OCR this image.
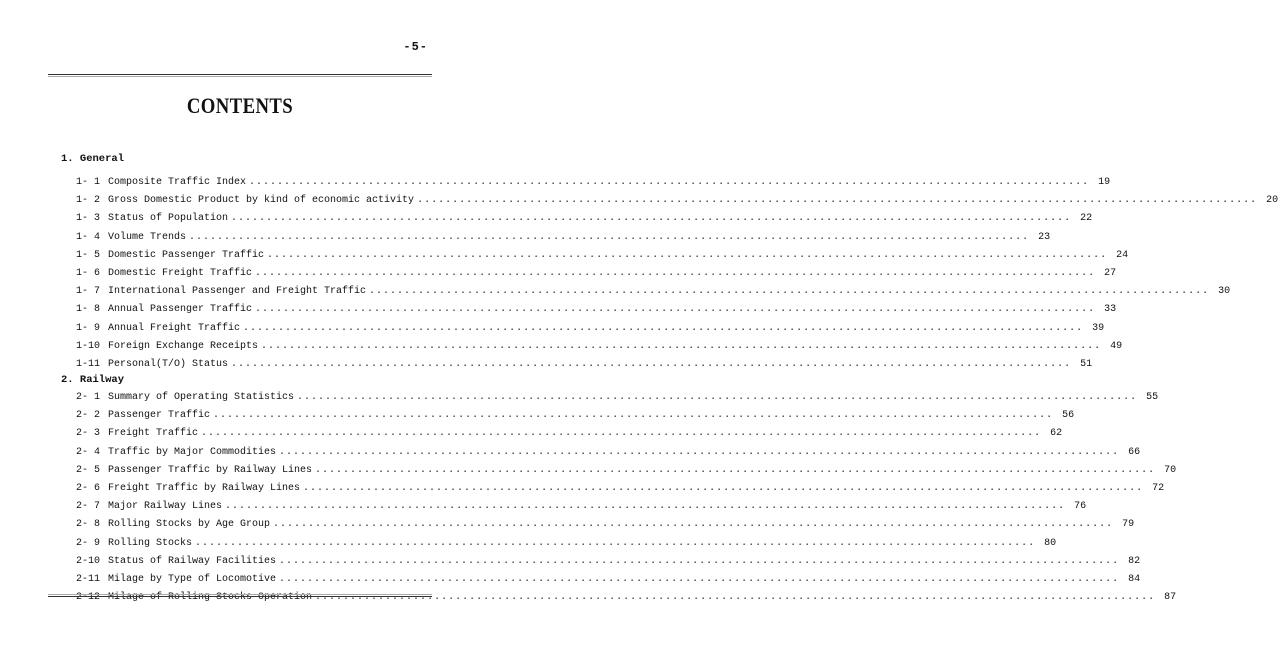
-5-
CONTENTS
1. General
1- 1 Composite Traffic Index ........................................................................................................................ 19
1- 2 Gross Domestic Product by kind of economic activity ........................................................................................................................ 20
1- 3 Status of Population ........................................................................................................................ 22
1- 4 Volume Trends ........................................................................................................................ 23
1- 5 Domestic Passenger Traffic ........................................................................................................................ 24
1- 6 Domestic Freight Traffic ........................................................................................................................ 27
1- 7 International Passenger and Freight Traffic ........................................................................................................................ 30
1- 8 Annual Passenger Traffic ........................................................................................................................ 33
1- 9 Annual Freight Traffic ........................................................................................................................ 39
1-10 Foreign Exchange Receipts ........................................................................................................................ 49
1-11 Personal(T/O) Status ........................................................................................................................ 51
2. Railway
2- 1 Summary of Operating Statistics ........................................................................................................................ 55
2- 2 Passenger Traffic ........................................................................................................................ 56
2- 3 Freight Traffic ........................................................................................................................ 62
2- 4 Traffic by Major Commodities ........................................................................................................................ 66
2- 5 Passenger Traffic by Railway Lines ........................................................................................................................ 70
2- 6 Freight Traffic by Railway Lines ........................................................................................................................ 72
2- 7 Major Railway Lines ........................................................................................................................ 76
2- 8 Rolling Stocks by Age Group ........................................................................................................................ 79
2- 9 Rolling Stocks ........................................................................................................................ 80
2-10 Status of Railway Facilities ........................................................................................................................ 82
2-11 Milage by Type of Locomotive ........................................................................................................................ 84
2-12 Milage of Rolling Stocks Operation ........................................................................................................................ 87
